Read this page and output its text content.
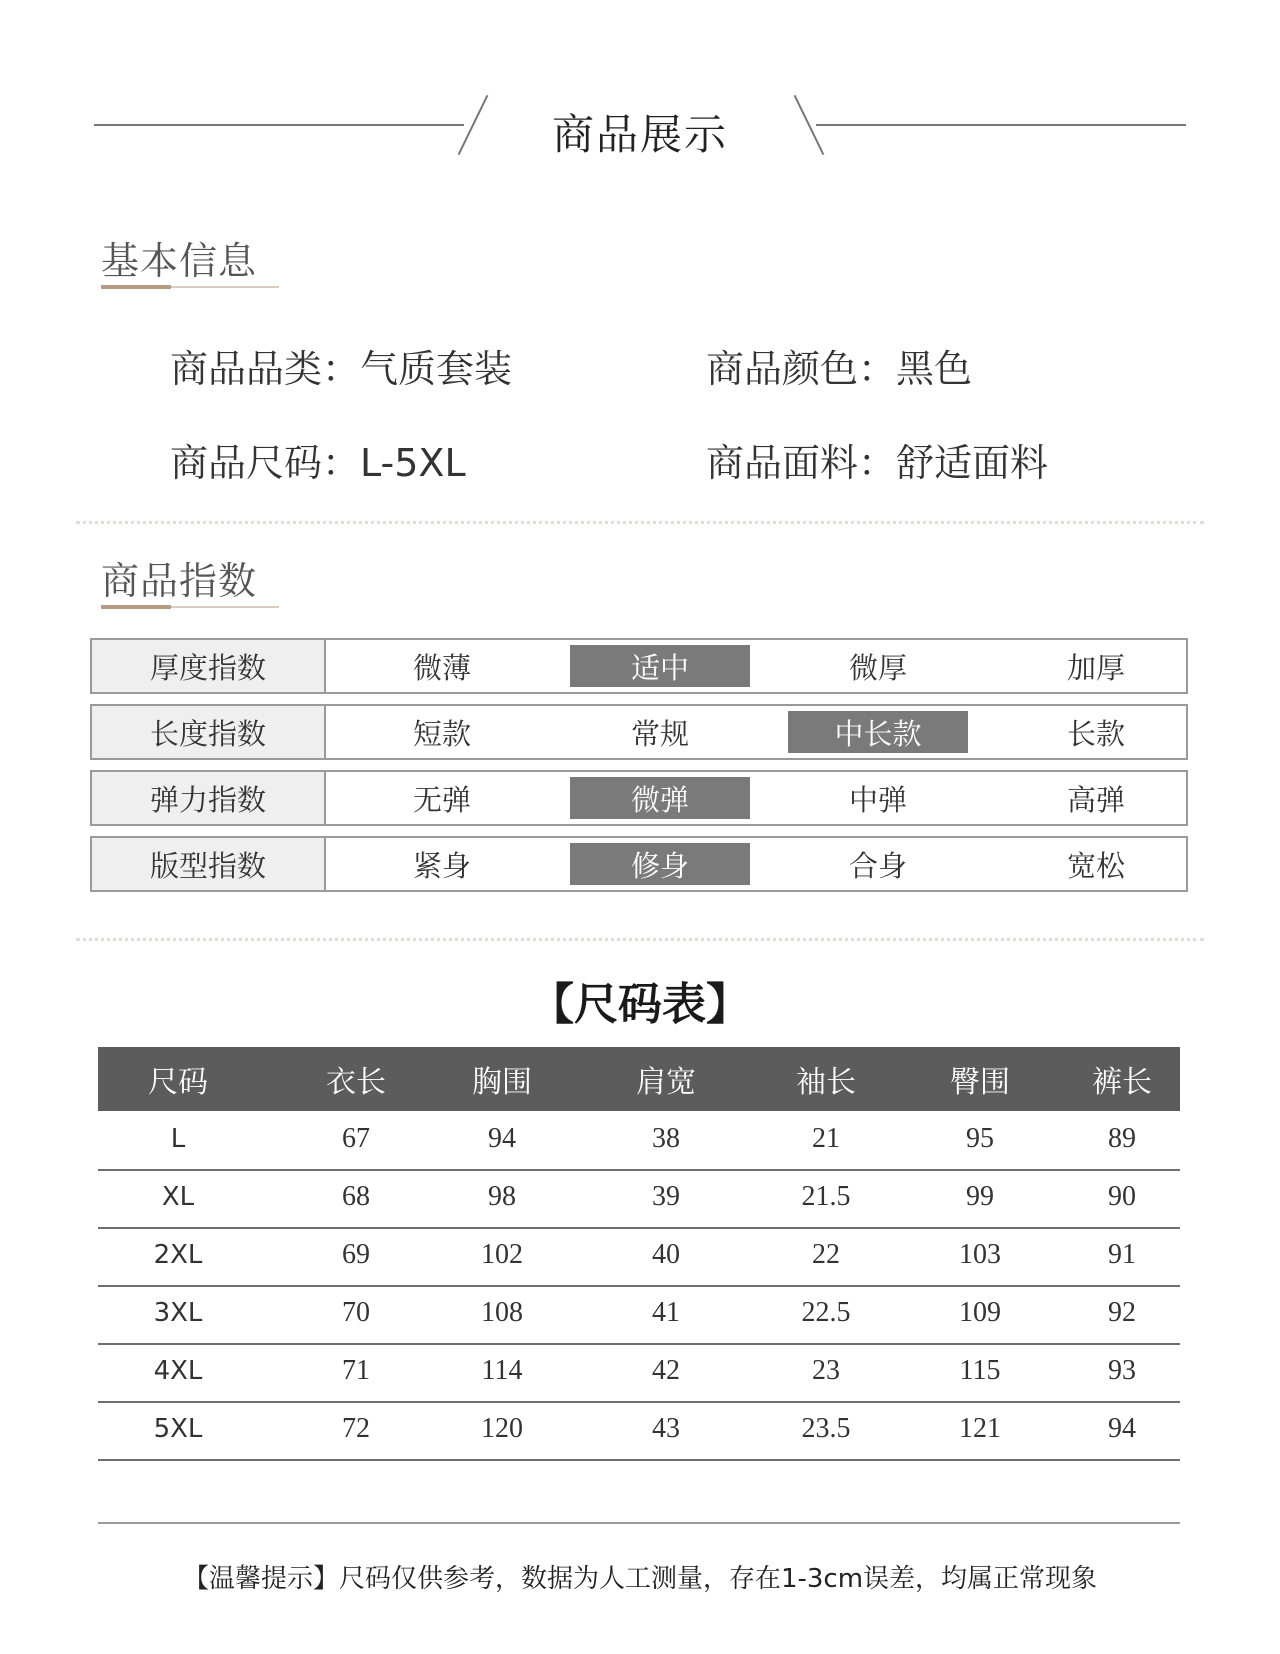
商品展示
基本信息
商品品类：气质套装	商品颜色：黑色
商品尺码：L-5XL	商品面料：舒适面料
商品指数
厚度指数	微薄	适中	微厚	加厚
长度指数	短款	常规	中长款	长款
弹力指数	无弹	微弹	中弹	高弹
版型指数	紧身	修身	合身	宽松
【尺码表】
尺码	衣长	胸围	肩宽	袖长	臀围	裤长
L	67	94	38	21	95	89
XL	68	98	39	21.5	99	90
2XL	69	102	40	22	103	91
3XL	70	108	41	22.5	109	92
4XL	71	114	42	23	115	93
5XL	72	120	43	23.5	121	94
【温馨提示】尺码仅供参考，数据为人工测量，存在1-3cm误差，均属正常现象
